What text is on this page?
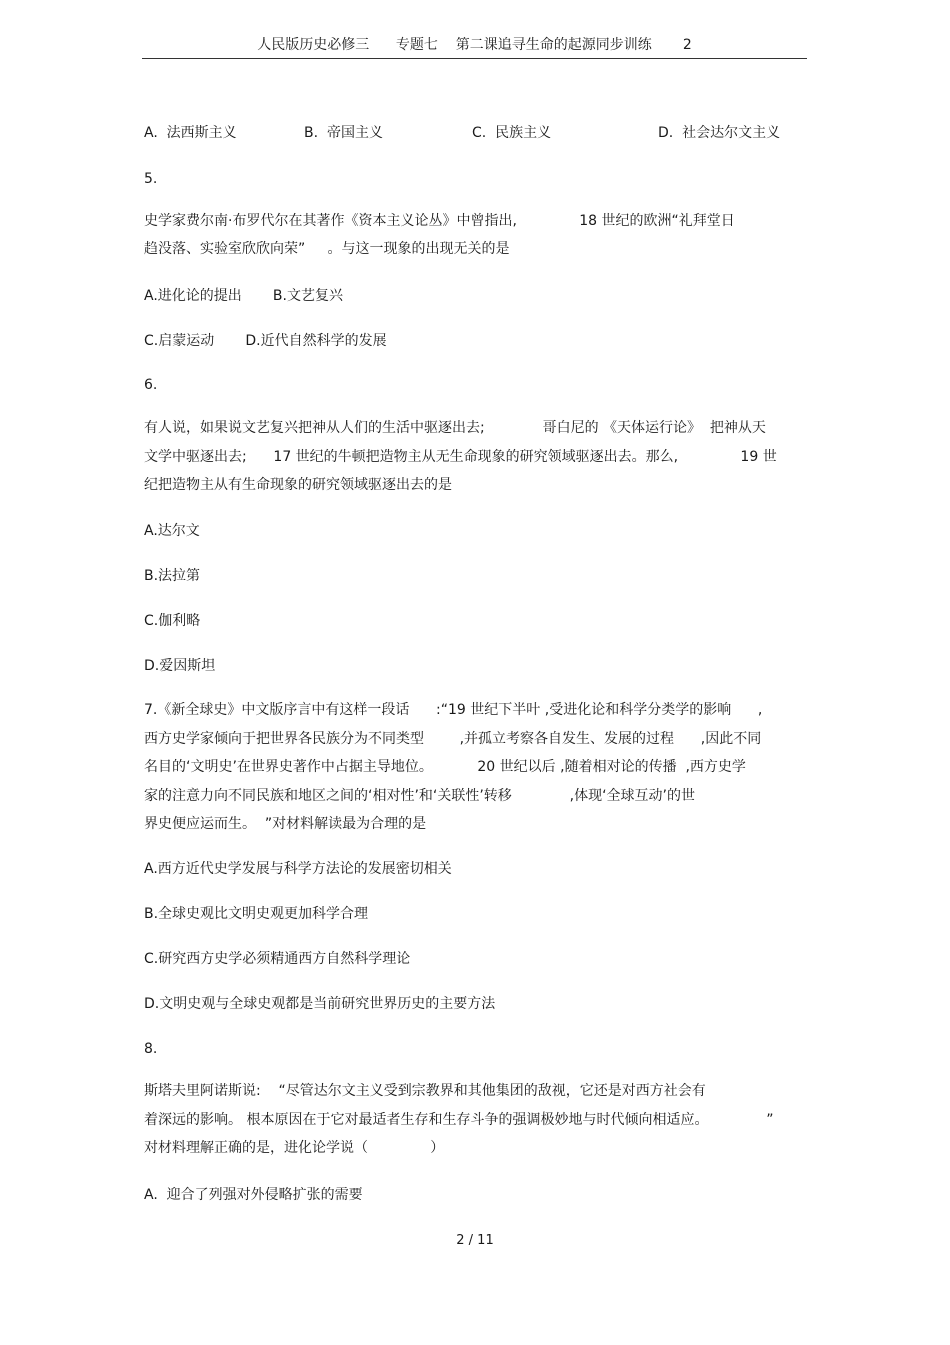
人民版历史必修三      专题七    第二课追寻生命的起源同步训练       2
A.  法西斯主义	B.  帝国主义	C.  民族主义	D.  社会达尔文主义
5.
史学家费尔南·布罗代尔在其著作《资本主义论丛》中曾指出,              18 世纪的欧洲“礼拜堂日
趋没落、实验室欣欣向荣”     。与这一现象的出现无关的是
A.进化论的提出       B.文艺复兴
C.启蒙运动       D.近代自然科学的发展
6.
有人说，如果说文艺复兴把神从人们的生活中驱逐出去;             哥白尼的 《天体运行论》  把神从天
文学中驱逐出去;      17 世纪的牛顿把造物主从无生命现象的研究领域驱逐出去。那么,              19 世
纪把造物主从有生命现象的研究领域驱逐出去的是
A.达尔文
B.法拉第
C.伽利略
D.爱因斯坦
7.《新全球史》中文版序言中有这样一段话      :“19 世纪下半叶 ,受进化论和科学分类学的影响      ,
西方史学家倾向于把世界各民族分为不同类型        ,并孤立考察各自发生、发展的过程      ,因此不同
名目的‘文明史’在世界史著作中占据主导地位。          20 世纪以后 ,随着相对论的传播  ,西方史学
家的注意力向不同民族和地区之间的‘相对性’和‘关联性’转移             ,体现‘全球互动’的世
界史便应运而生。  ”对材料解读最为合理的是
A.西方近代史学发展与科学方法论的发展密切相关
B.全球史观比文明史观更加科学合理
C.研究西方史学必须精通西方自然科学理论
D.文明史观与全球史观都是当前研究世界历史的主要方法
8.
斯塔夫里阿诺斯说:    “尽管达尔文主义受到宗教界和其他集团的敌视，它还是对西方社会有
着深远的影响。 根本原因在于它对最适者生存和生存斗争的强调极妙地与时代倾向相适应。             ”
对材料理解正确的是，进化论学说（              ）
A.  迎合了列强对外侵略扩张的需要
2 / 11
